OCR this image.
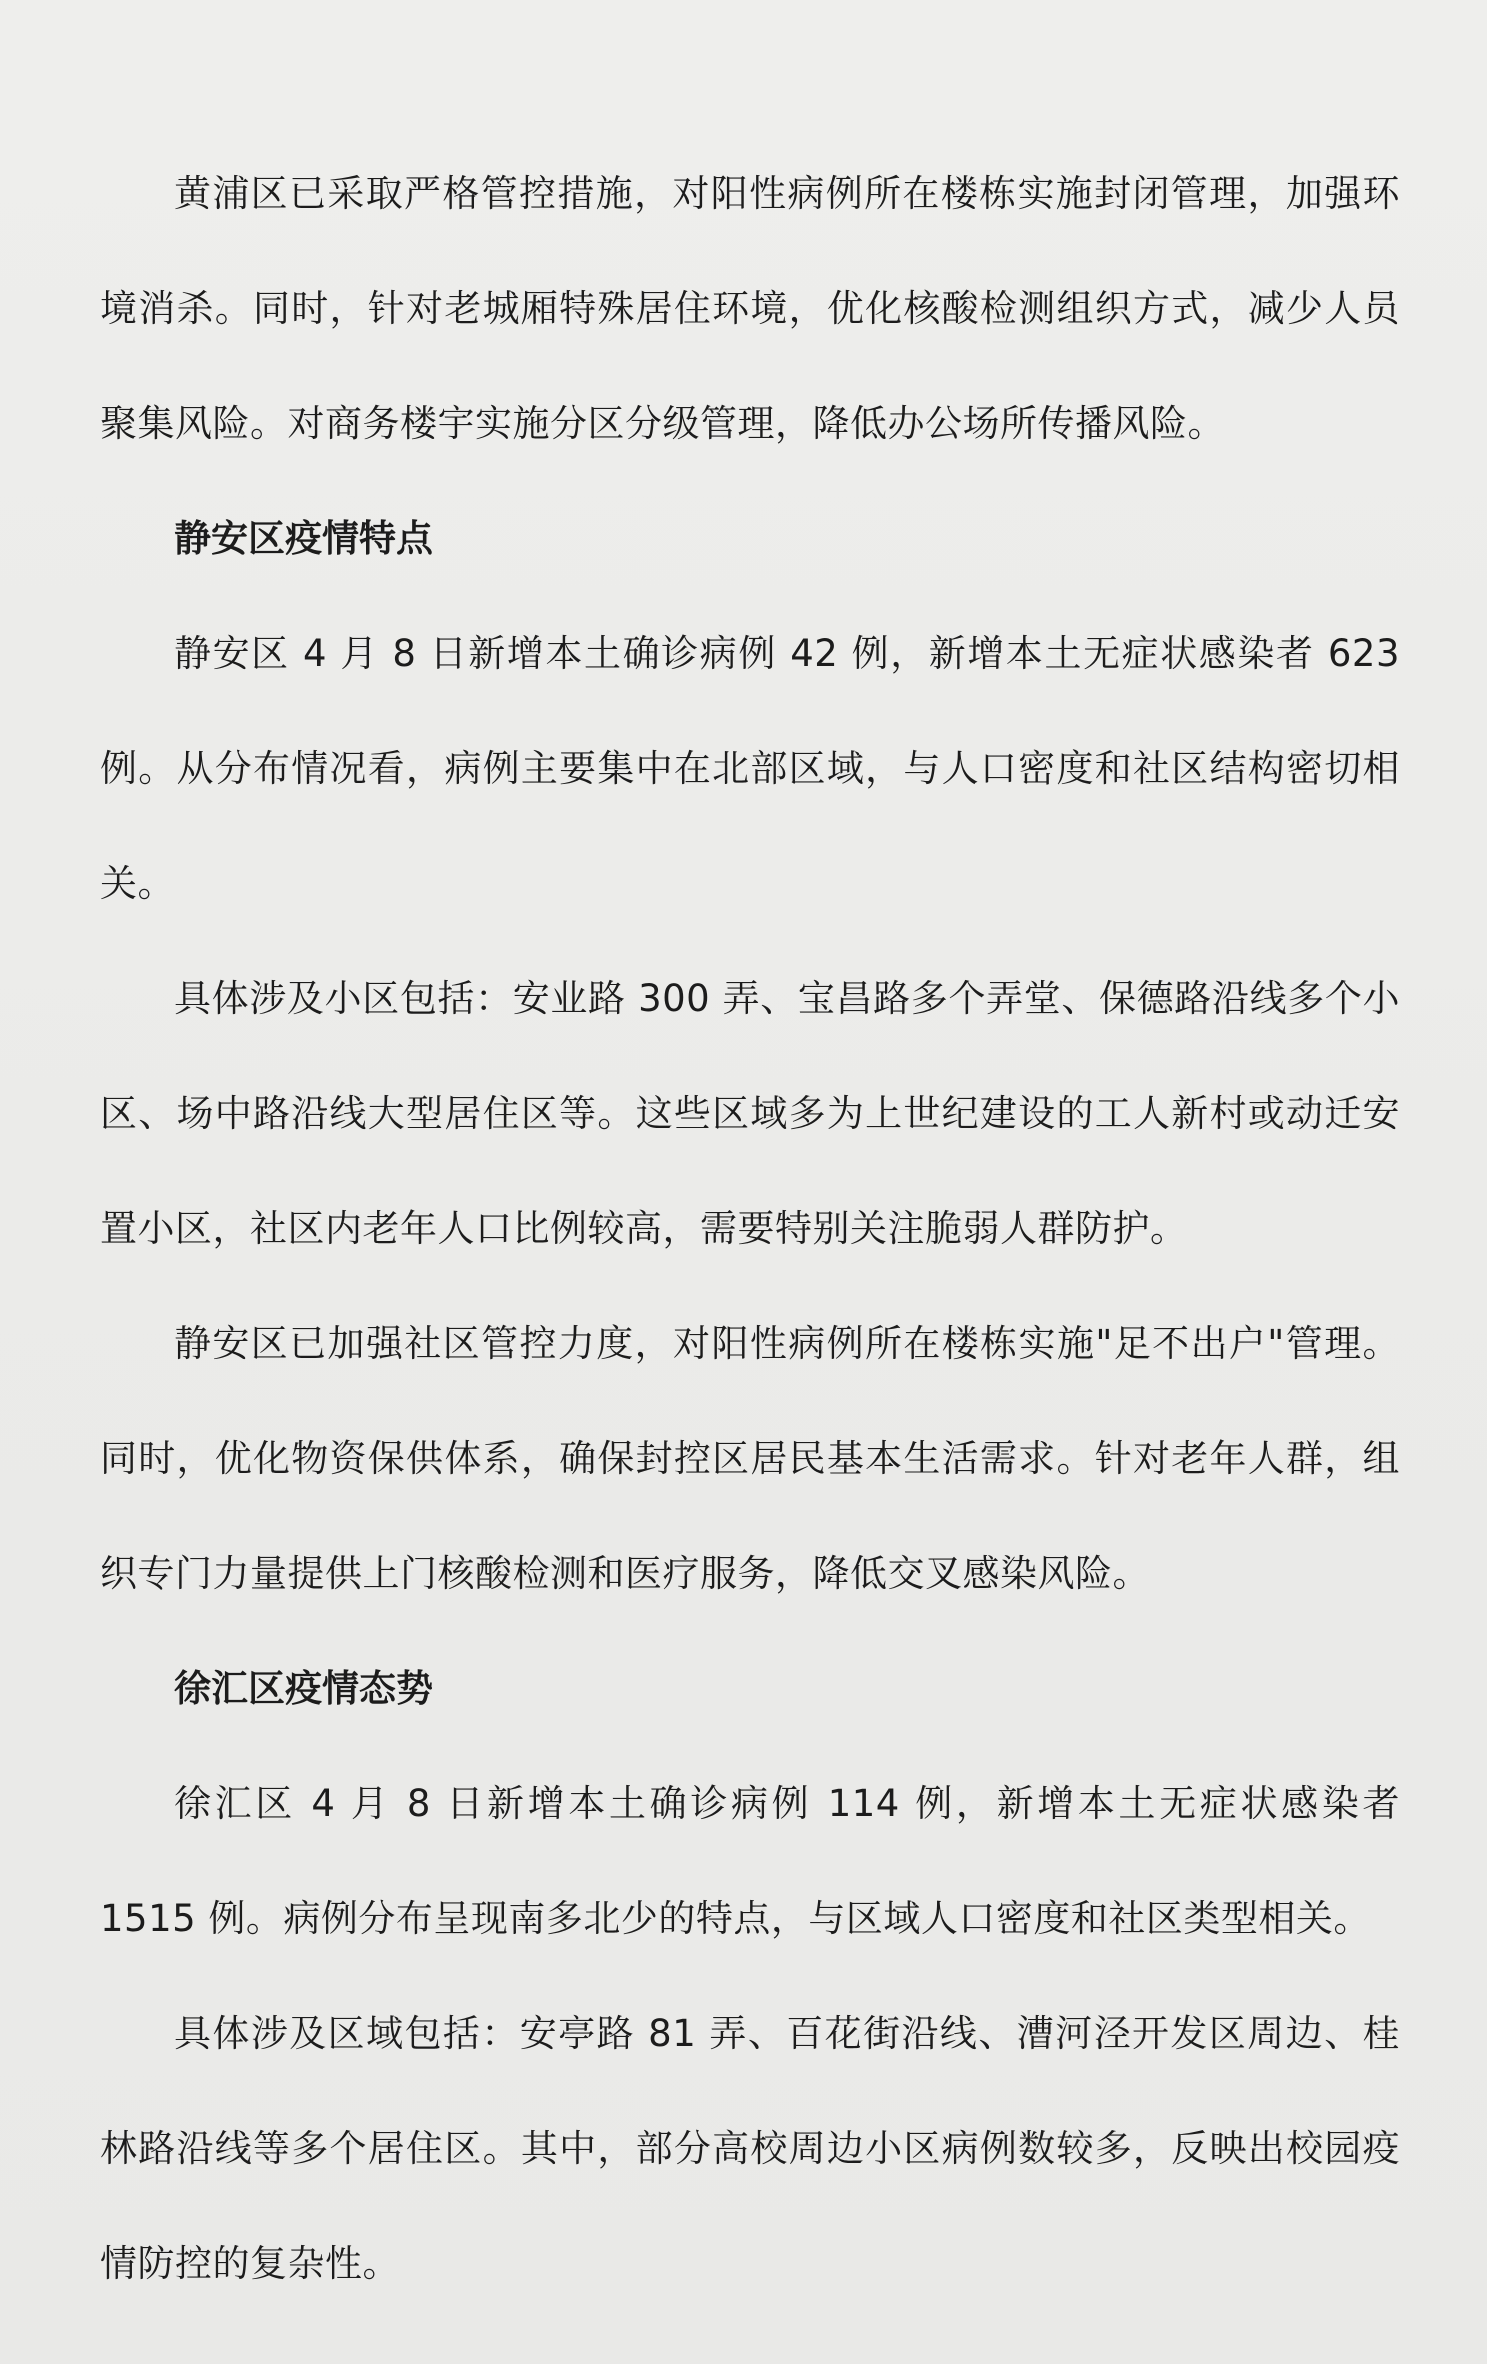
黄浦区已采取严格管控措施，对阳性病例所在楼栋实施封闭管理，加强环境消杀。同时，针对老城厢特殊居住环境，优化核酸检测组织方式，减少人员聚集风险。对商务楼宇实施分区分级管理，降低办公场所传播风险。

静安区疫情特点

静安区 4 月 8 日新增本土确诊病例 42 例，新增本土无症状感染者 623 例。从分布情况看，病例主要集中在北部区域，与人口密度和社区结构密切相关。

具体涉及小区包括：安业路 300 弄、宝昌路多个弄堂、保德路沿线多个小区、场中路沿线大型居住区等。这些区域多为上世纪建设的工人新村或动迁安置小区，社区内老年人口比例较高，需要特别关注脆弱人群防护。

静安区已加强社区管控力度，对阳性病例所在楼栋实施"足不出户"管理。同时，优化物资保供体系，确保封控区居民基本生活需求。针对老年人群，组织专门力量提供上门核酸检测和医疗服务，降低交叉感染风险。

徐汇区疫情态势

徐汇区 4 月 8 日新增本土确诊病例 114 例，新增本土无症状感染者 1515 例。病例分布呈现南多北少的特点，与区域人口密度和社区类型相关。

具体涉及区域包括：安亭路 81 弄、百花街沿线、漕河泾开发区周边、桂林路沿线等多个居住区。其中，部分高校周边小区病例数较多，反映出校园疫情防控的复杂性。
